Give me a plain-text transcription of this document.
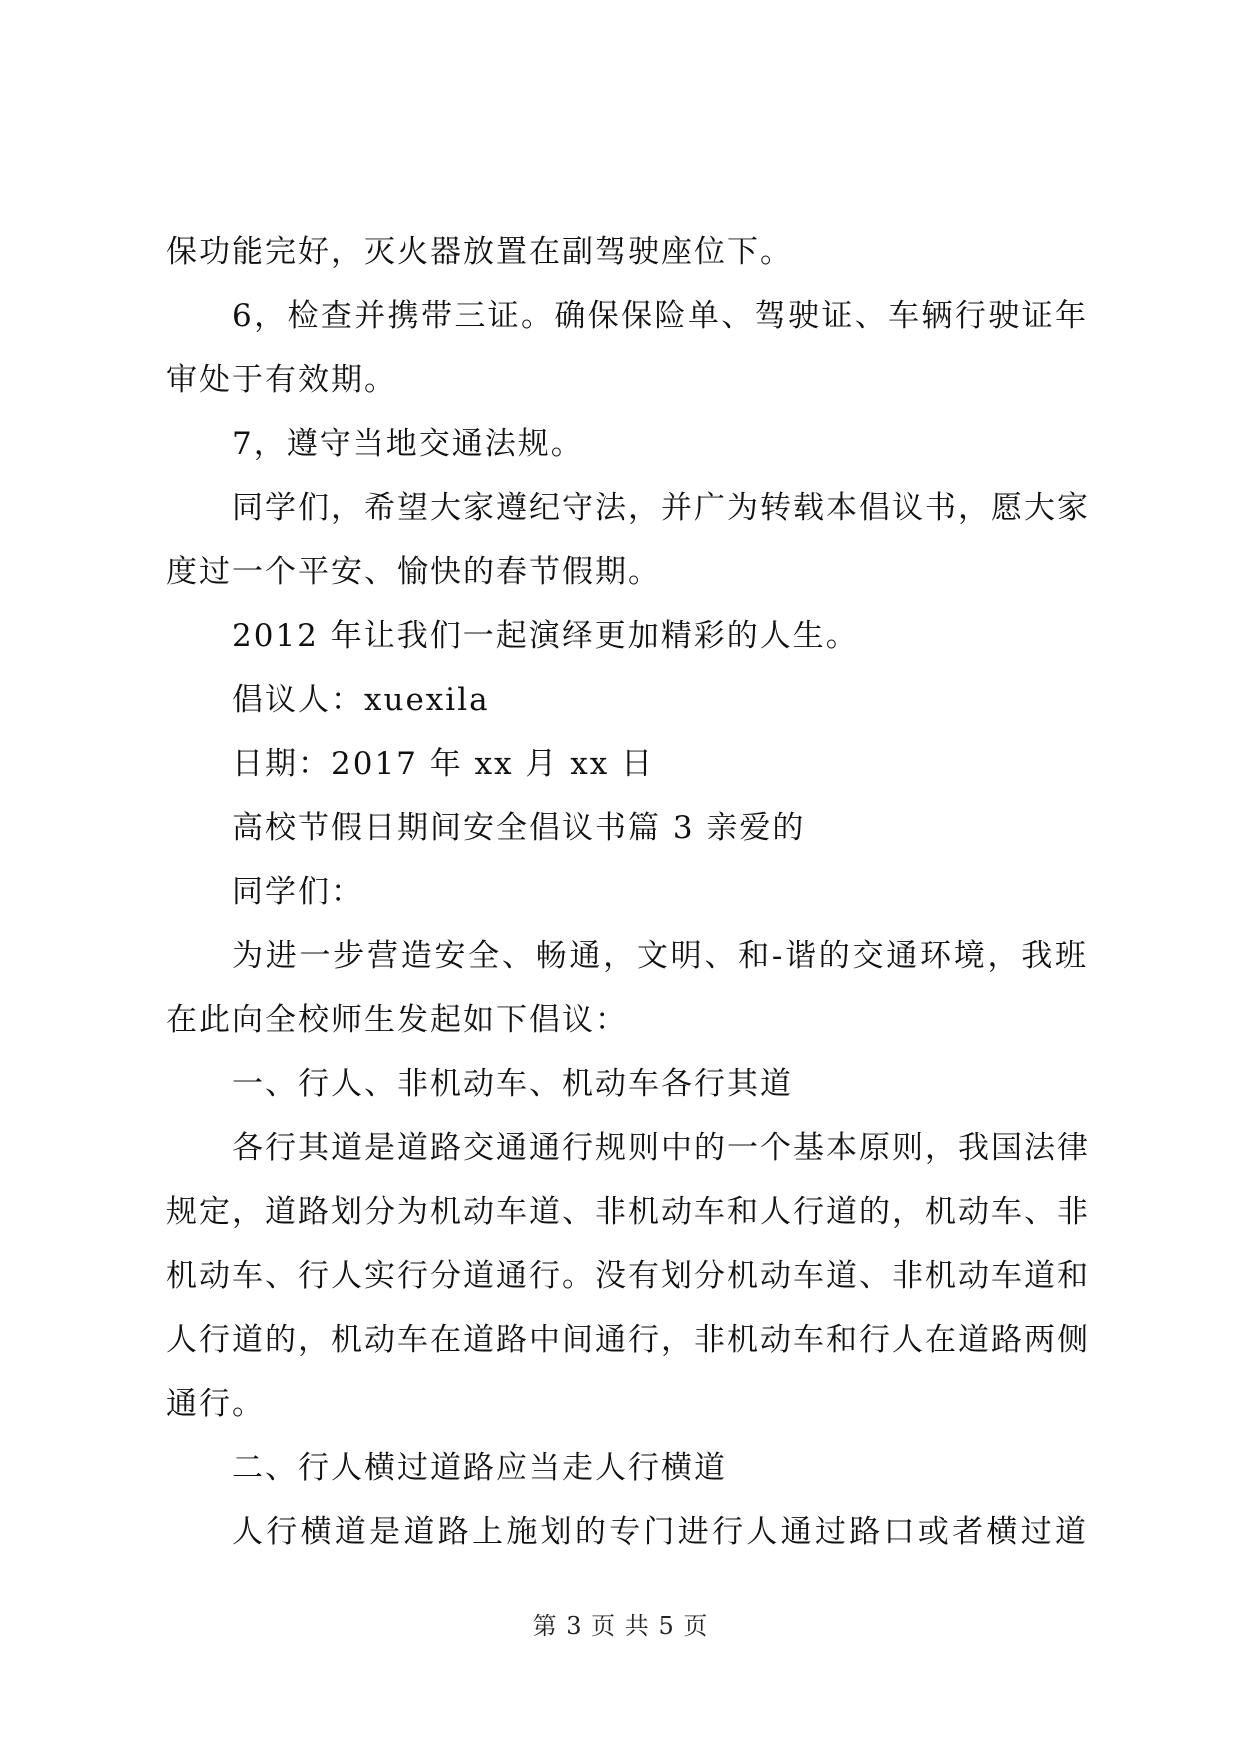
保功能完好，灭火器放置在副驾驶座位下。
6，检查并携带三证。确保保险单、驾驶证、车辆行驶证年
审处于有效期。
7，遵守当地交通法规。
同学们，希望大家遵纪守法，并广为转载本倡议书，愿大家
度过一个平安、愉快的春节假期。
2012 年让我们一起演绎更加精彩的人生。
倡议人：xuexila
日期：2017 年 xx 月 xx 日
高校节假日期间安全倡议书篇 3 亲爱的
同学们：
为进一步营造安全、畅通，文明、和-谐的交通环境，我班
在此向全校师生发起如下倡议：
一、行人、非机动车、机动车各行其道
各行其道是道路交通通行规则中的一个基本原则，我国法律
规定，道路划分为机动车道、非机动车和人行道的，机动车、非
机动车、行人实行分道通行。没有划分机动车道、非机动车道和
人行道的，机动车在道路中间通行，非机动车和行人在道路两侧
通行。
二、行人横过道路应当走人行横道
人行横道是道路上施划的专门进行人通过路口或者横过道
第 3 页 共 5 页
